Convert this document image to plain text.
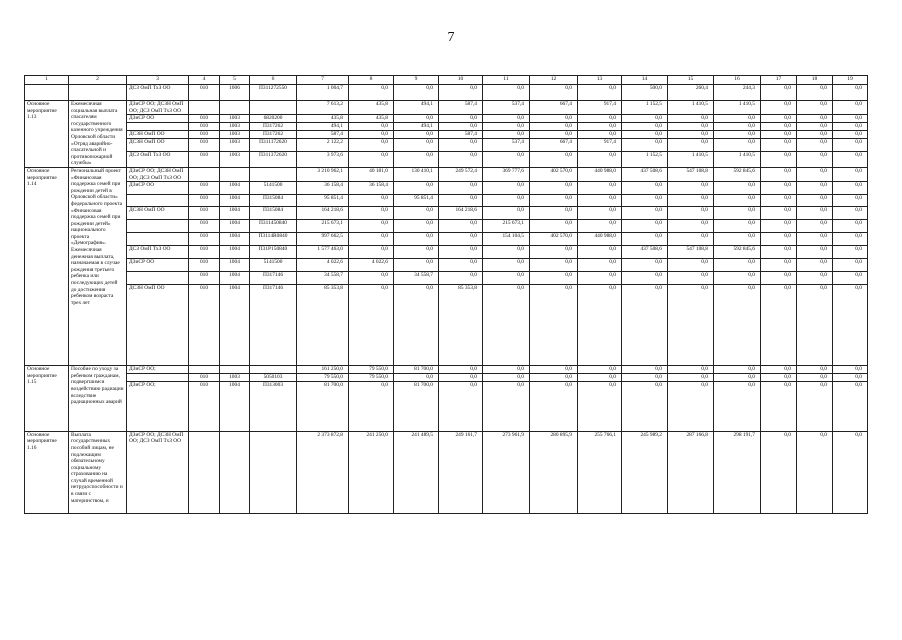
7
1	2	3	4	5	6	7	8	9	10	11	12	13	14	15	16	17	18	19
		ДСЗ ОмП ТхЗ ОО	010	1006	П311272550	1 004,7	0,0	0,0	0,0	0,0	0,0	0,0	500,0	260,4	244,3	0,0	0,0	0,0
Основное мероприятие 1.13	Ежемесячная социальная выплата спасателям государственного казенного учреждения Орловской области «Отряд аварийно-спасательной и противопожарной службы»	ДЗиСР ОО; ДСЗН ОмП ОО; ДСЗ ОмП ТхЗ ОО				7 613,2	435,8	494,1	587,4	537,4	667,4	917,4	1 152,5	1 410,5	1 410,5	0,0	0,0	0,0
		ДЗиСР ОО	010	1003	6820200	435,8	435,8	0,0	0,0	0,0	0,0	0,0	0,0	0,0	0,0	0,0	0,0	0,0
			010	1003	П317262	494,1	0,0	494,1	0,0	0,0	0,0	0,0	0,0	0,0	0,0	0,0	0,0	0,0
		ДСЗН ОмП ОО	010	1003	П317262	587,4	0,0	0,0	587,4	0,0	0,0	0,0	0,0	0,0	0,0	0,0	0,0	0,0
		ДСЗН ОмП ОО	010	1003	П311172620	2 122,2	0,0	0,0	0,0	537,4	667,4	917,4	0,0	0,0	0,0	0,0	0,0	0,0
		ДСЗ ОмП ТхЗ ОО	010	1003	П311372620	3 973,6	0,0	0,0	0,0	0,0	0,0	0,0	1 152,5	1 410,5	1 410,5	0,0	0,0	0,0
Основное мероприятие 1.14	Региональный проект «Финансовая поддержка семей при рождении детей в Орловской области» федерального проекта «Финансовая поддержка семей при рождении детей» национального проекта «Демография». Ежемесячная денежная выплата, назначаемая в случае рождения третьего ребенка или последующих детей до достижения ребенком возраста трех лет	ДЗиСР ОО; ДСЗН ОмП ОО; ДСЗ ОмП ТхЗ ОО				3 210 962,1	40 181,0	130 410,1	249 572,4	369 777,6	402 570,0	440 988,0	437 508,6	547 108,8	592 845,6	0,0	0,0	0,0
		ДЗиСР ОО	010	1004	5141500	36 158,4	36 158,4	0,0	0,0	0,0	0,0	0,0	0,0	0,0	0,0	0,0	0,0	0,0
			010	1004	П315084	95 851,4	0,0	95 851,4	0,0	0,0	0,0	0,0	0,0	0,0	0,0	0,0	0,0	0,0
		ДСЗН ОмП ОО	010	1004	П315084	164 218,6	0,0	0,0	164 218,6	0,0	0,0	0,0	0,0	0,0	0,0	0,0	0,0	0,0
			010	1004	П311450840	215 673,1	0,0	0,0	0,0	215 673,1	0,0	0,0	0,0	0,0	0,0	0,0	0,0	0,0
			010	1004	П3114R0840	997 662,5	0,0	0,0	0,0	154 104,5	402 570,0	440 988,0	0,0	0,0	0,0	0,0	0,0	0,0
		ДСЗ ОмП ТхЗ ОО	010	1004	П31Р150840	1 577 463,0	0,0	0,0	0,0	0,0	0,0	0,0	437 508,6	547 108,8	592 845,6	0,0	0,0	0,0
		ДЗиСР ОО	010	1004	5141500	4 022,6	4 022,6	0,0	0,0	0,0	0,0	0,0	0,0	0,0	0,0	0,0	0,0	0,0
			010	1004	П317146	34 558,7	0,0	34 558,7	0,0	0,0	0,0	0,0	0,0	0,0	0,0	0,0	0,0	0,0
		ДСЗН ОмП ОО	010	1004	П317146	85 353,8	0,0	0,0	85 353,8	0,0	0,0	0,0	0,0	0,0	0,0	0,0	0,0	0,0
Основное мероприятие 1.15	Пособие по уходу за ребенком гражданам, подвергшимся воздействию радиации вследствие радиационных аварий	ДЗиСР ОО;				161 250,0	79 550,0	81 700,0	0,0	0,0	0,0	0,0	0,0	0,0	0,0	0,0	0,0	0,0
			010	1003	5050103	79 550,0	79 550,0	0,0	0,0	0,0	0,0	0,0	0,0	0,0	0,0	0,0	0,0	0,0
		ДЗиСР ОО;	010	1004	П313003	81 700,0	0,0	81 700,0	0,0	0,0	0,0	0,0	0,0	0,0	0,0	0,0	0,0	0,0
Основное мероприятие 1.16	Выплата государственных пособий лицам, не подлежащим обязательному социальному страхованию на случай временной нетрудоспособности и в связи с материнством, и	ДЗиСР ОО; ДСЗН ОмП ОО; ДСЗ ОмП ТхЗ ОО				2 373 872,8	241 250,0	241 489,5	249 161,7	273 961,9	280 895,9	255 766,1	245 989,2	287 166,8	298 191,7	0,0	0,0	0,0
